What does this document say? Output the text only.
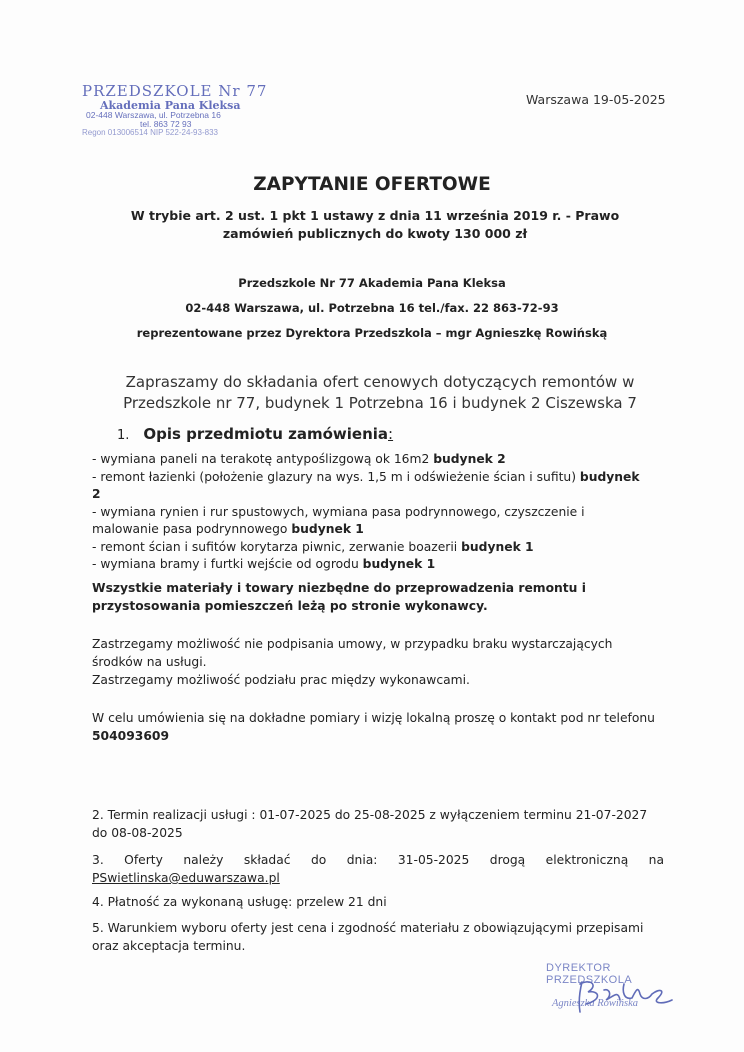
PRZEDSZKOLE Nr 77
Akademia Pana Kleksa
02-448 Warszawa, ul. Potrzebna 16
tel. 863 72 93
Regon 013006514 NIP 522-24-93-833
Warszawa 19-05-2025
ZAPYTANIE OFERTOWE
W trybie art. 2 ust. 1 pkt 1 ustawy z dnia 11 września 2019 r. - Prawo zamówień publicznych do kwoty 130 000 zł
Przedszkole Nr 77 Akademia Pana Kleksa
02-448 Warszawa, ul. Potrzebna 16 tel./fax. 22 863-72-93
reprezentowane przez Dyrektora Przedszkola – mgr Agnieszkę Rowińską
Zapraszamy do składania ofert cenowych dotyczących remontów w Przedszkole nr 77, budynek 1 Potrzebna 16 i budynek 2 Ciszewska 7
1. Opis przedmiotu zamówienia:
- wymiana paneli na terakotę antypoślizgową ok 16m2 budynek 2
- remont łazienki (położenie glazury na wys. 1,5 m i odświeżenie ścian i sufitu) budynek 2
- wymiana rynien i rur spustowych, wymiana pasa podrynnowego, czyszczenie i malowanie pasa podrynnowego budynek 1
- remont ścian i sufitów korytarza piwnic, zerwanie boazerii budynek 1
- wymiana bramy i furtki wejście od ogrodu budynek 1
Wszystkie materiały i towary niezbędne do przeprowadzenia remontu i przystosowania pomieszczeń leżą po stronie wykonawcy.
Zastrzegamy możliwość nie podpisania umowy, w przypadku braku wystarczających środków na usługi.
Zastrzegamy możliwość podziału prac między wykonawcami.
W celu umówienia się na dokładne pomiary i wizję lokalną proszę o kontakt pod nr telefonu
504093609
2. Termin realizacji usługi : 01-07-2025 do 25-08-2025 z wyłączeniem terminu 21-07-2027 do 08-08-2025
3. Oferty należy składać do dnia: 31-05-2025 drogą elektroniczną na
PSwietlinska@eduwarszawa.pl
4. Płatność za wykonaną usługę: przelew 21 dni
5. Warunkiem wyboru oferty jest cena i zgodność materiału z obowiązującymi przepisami oraz akceptacja terminu.
DYREKTOR PRZEDSZKOLA
Agnieszka Rowińska
